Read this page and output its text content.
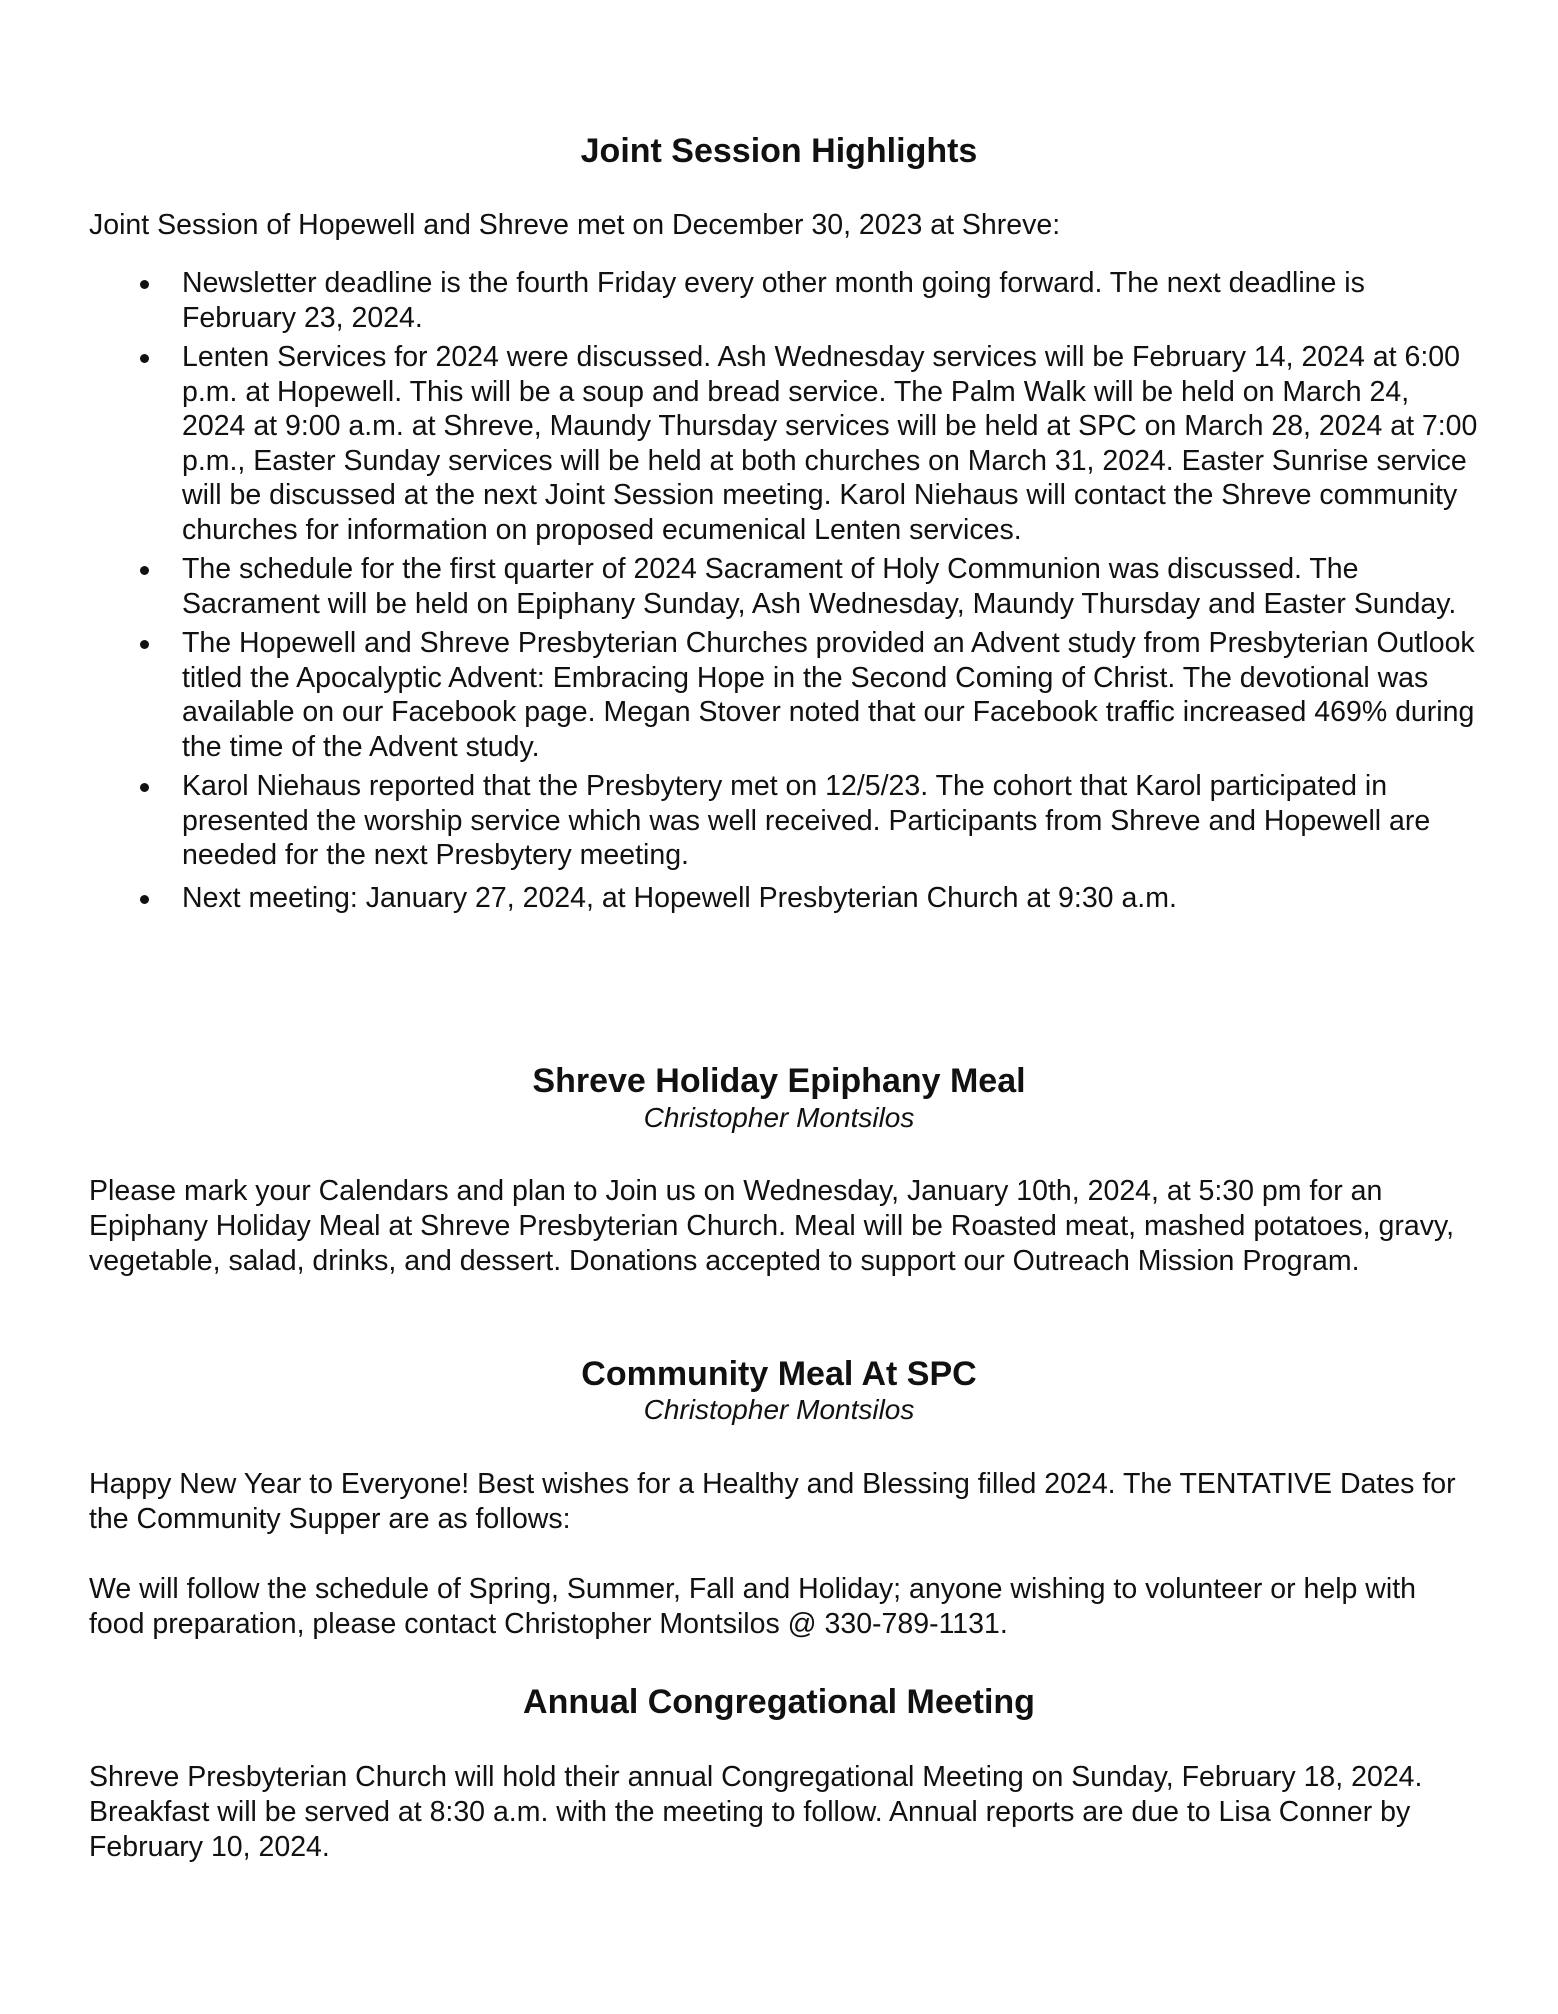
Joint Session Highlights

Joint Session of Hopewell and Shreve met on December 30, 2023 at Shreve:

Newsletter deadline is the fourth Friday every other month going forward. The next deadline is February 23, 2024.
Lenten Services for 2024 were discussed. Ash Wednesday services will be February 14, 2024 at 6:00 p.m. at Hopewell. This will be a soup and bread service. The Palm Walk will be held on March 24, 2024 at 9:00 a.m. at Shreve, Maundy Thursday services will be held at SPC on March 28, 2024 at 7:00 p.m., Easter Sunday services will be held at both churches on March 31, 2024. Easter Sunrise service will be discussed at the next Joint Session meeting. Karol Niehaus will contact the Shreve community churches for information on proposed ecumenical Lenten services.
The schedule for the first quarter of 2024 Sacrament of Holy Communion was discussed. The Sacrament will be held on Epiphany Sunday, Ash Wednesday, Maundy Thursday and Easter Sunday.
The Hopewell and Shreve Presbyterian Churches provided an Advent study from Presbyterian Outlook titled the Apocalyptic Advent: Embracing Hope in the Second Coming of Christ. The devotional was available on our Facebook page. Megan Stover noted that our Facebook traffic increased 469% during the time of the Advent study.
Karol Niehaus reported that the Presbytery met on 12/5/23. The cohort that Karol participated in presented the worship service which was well received. Participants from Shreve and Hopewell are needed for the next Presbytery meeting.
Next meeting: January 27, 2024, at Hopewell Presbyterian Church at 9:30 a.m.
Shreve Holiday Epiphany Meal

Christopher Montsilos

Please mark your Calendars and plan to Join us on Wednesday, January 10th, 2024, at 5:30 pm for an Epiphany Holiday Meal at Shreve Presbyterian Church. Meal will be Roasted meat, mashed potatoes, gravy, vegetable, salad, drinks, and dessert. Donations accepted to support our Outreach Mission Program.

Community Meal At SPC

Christopher Montsilos

Happy New Year to Everyone! Best wishes for a Healthy and Blessing filled 2024. The TENTATIVE Dates for the Community Supper are as follows:

We will follow the schedule of Spring, Summer, Fall and Holiday; anyone wishing to volunteer or help with food preparation, please contact Christopher Montsilos @ 330-789-1131.

Annual Congregational Meeting

Shreve Presbyterian Church will hold their annual Congregational Meeting on Sunday, February 18, 2024. Breakfast will be served at 8:30 a.m. with the meeting to follow. Annual reports are due to Lisa Conner by February 10, 2024.
